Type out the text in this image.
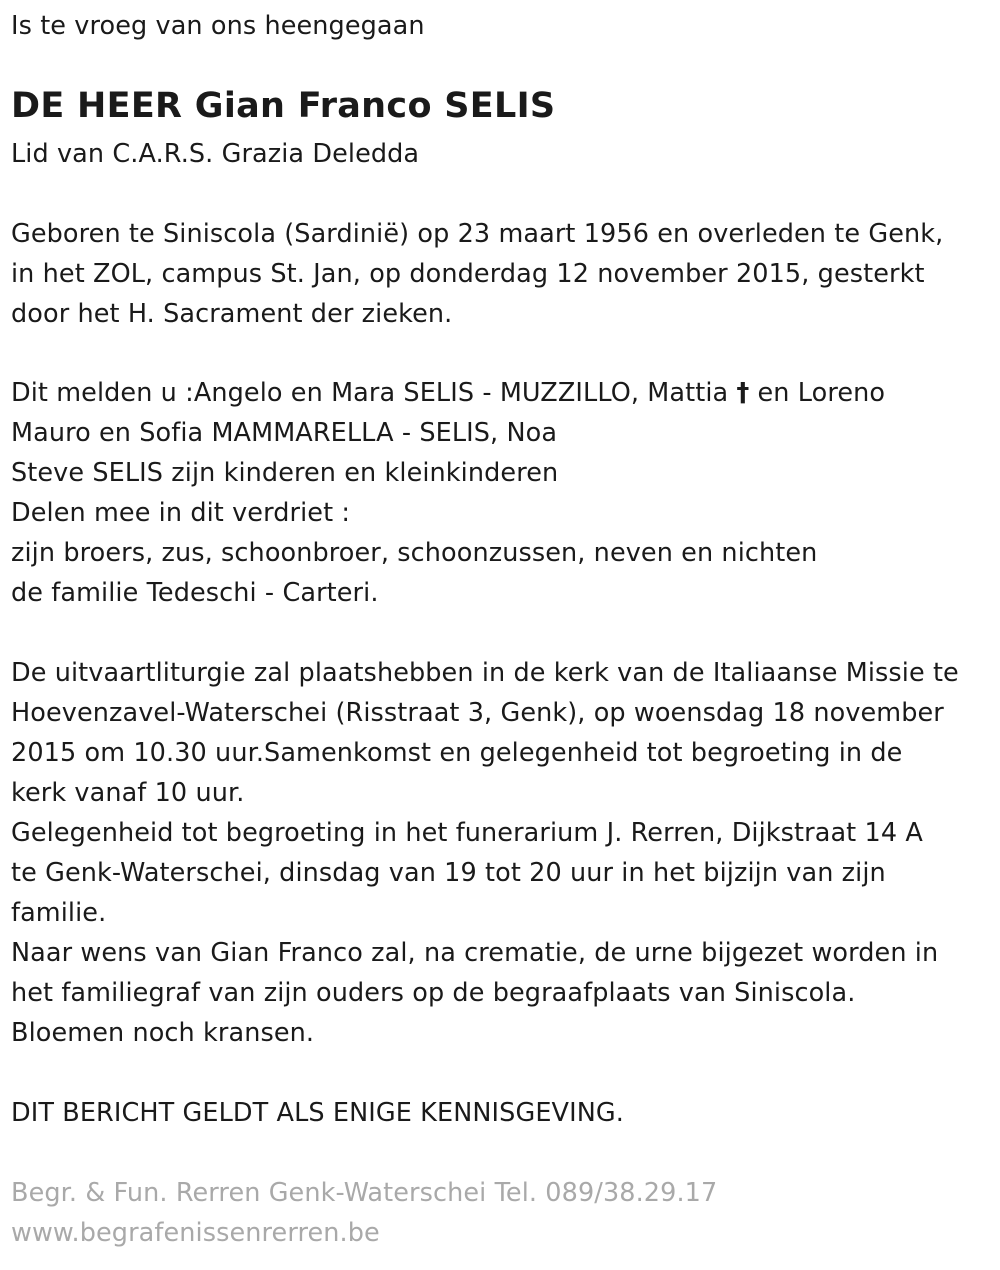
Is te vroeg van ons heengegaan
DE HEER Gian Franco SELIS
Lid van C.A.R.S. Grazia Deledda
Geboren te Siniscola (Sardinië) op 23 maart 1956 en overleden te Genk,
in het ZOL, campus St. Jan, op donderdag 12 november 2015, gesterkt
door het H. Sacrament der zieken.
Dit melden u :Angelo en Mara SELIS - MUZZILLO, Mattia † en Loreno
Mauro en Sofia MAMMARELLA - SELIS, Noa
Steve SELIS zijn kinderen en kleinkinderen
Delen mee in dit verdriet :
zijn broers, zus, schoonbroer, schoonzussen, neven en nichten
de familie Tedeschi - Carteri.
De uitvaartliturgie zal plaatshebben in de kerk van de Italiaanse Missie te
Hoevenzavel-Waterschei (Risstraat 3, Genk), op woensdag 18 november
2015 om 10.30 uur.Samenkomst en gelegenheid tot begroeting in de
kerk vanaf 10 uur.
Gelegenheid tot begroeting in het funerarium J. Rerren, Dijkstraat 14 A
te Genk-Waterschei, dinsdag van 19 tot 20 uur in het bijzijn van zijn
familie.
Naar wens van Gian Franco zal, na crematie, de urne bijgezet worden in
het familiegraf van zijn ouders op de begraafplaats van Siniscola.
Bloemen noch kransen.
DIT BERICHT GELDT ALS ENIGE KENNISGEVING.
Begr. & Fun. Rerren Genk-Waterschei Tel. 089/38.29.17
www.begrafenissenrerren.be
